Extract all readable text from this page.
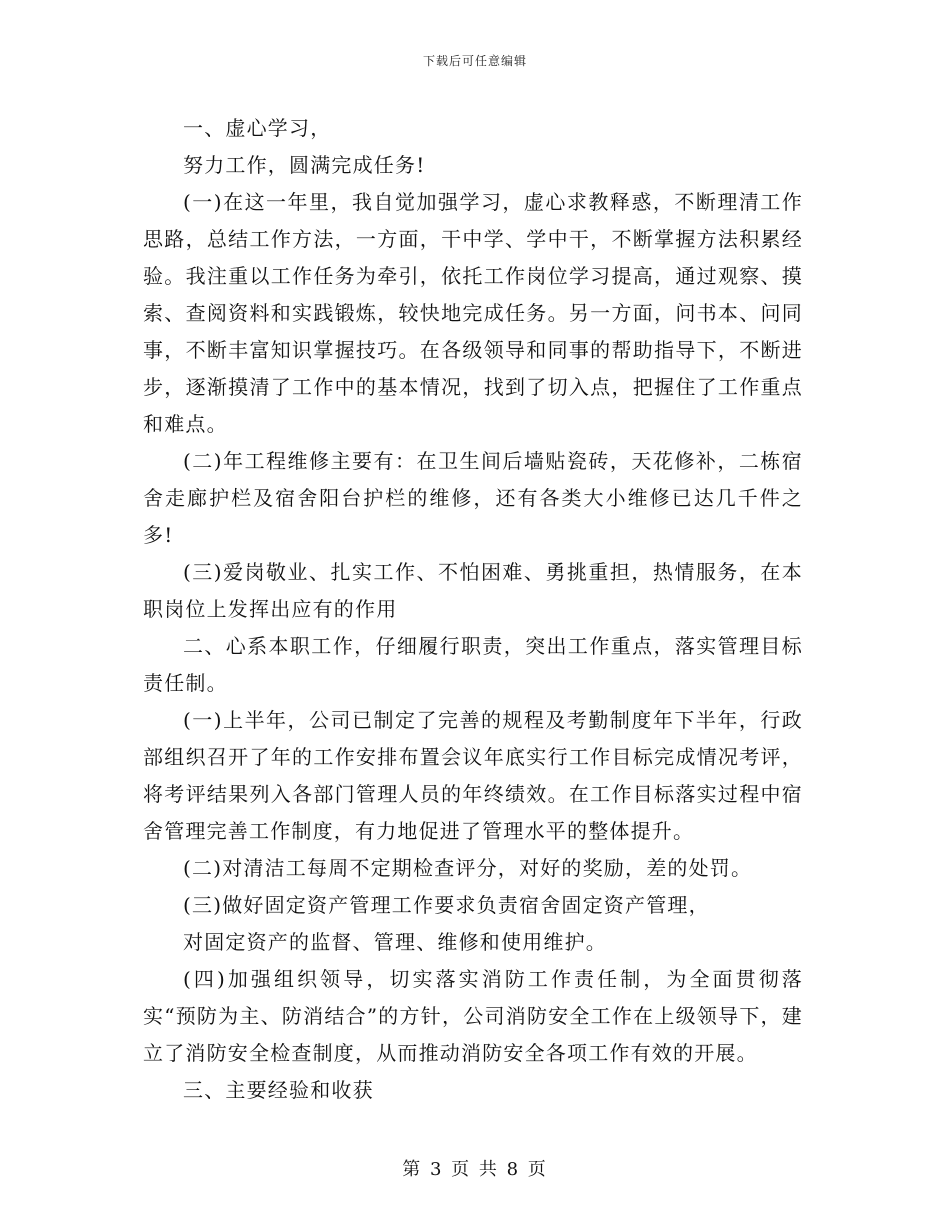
下载后可任意编辑

一、虚心学习，

努力工作，圆满完成任务!

(一)在这一年里，我自觉加强学习，虚心求教释惑，不断理清工作思路，总结工作方法，一方面，干中学、学中干，不断掌握方法积累经验。我注重以工作任务为牵引，依托工作岗位学习提高，通过观察、摸索、查阅资料和实践锻炼，较快地完成任务。另一方面，问书本、问同事，不断丰富知识掌握技巧。在各级领导和同事的帮助指导下，不断进步，逐渐摸清了工作中的基本情况，找到了切入点，把握住了工作重点和难点。

(二)年工程维修主要有：在卫生间后墙贴瓷砖，天花修补，二栋宿舍走廊护栏及宿舍阳台护栏的维修，还有各类大小维修已达几千件之多!

(三)爱岗敬业、扎实工作、不怕困难、勇挑重担，热情服务，在本职岗位上发挥出应有的作用

二、心系本职工作，仔细履行职责，突出工作重点，落实管理目标责任制。

(一)上半年，公司已制定了完善的规程及考勤制度年下半年，行政部组织召开了年的工作安排布置会议年底实行工作目标完成情况考评，将考评结果列入各部门管理人员的年终绩效。在工作目标落实过程中宿舍管理完善工作制度，有力地促进了管理水平的整体提升。

(二)对清洁工每周不定期检查评分，对好的奖励，差的处罚。

(三)做好固定资产管理工作要求负责宿舍固定资产管理，

对固定资产的监督、管理、维修和使用维护。

(四)加强组织领导，切实落实消防工作责任制，为全面贯彻落实“预防为主、防消结合”的方针，公司消防安全工作在上级领导下，建立了消防安全检查制度，从而推动消防安全各项工作有效的开展。

三、主要经验和收获

第 3 页 共 8 页
